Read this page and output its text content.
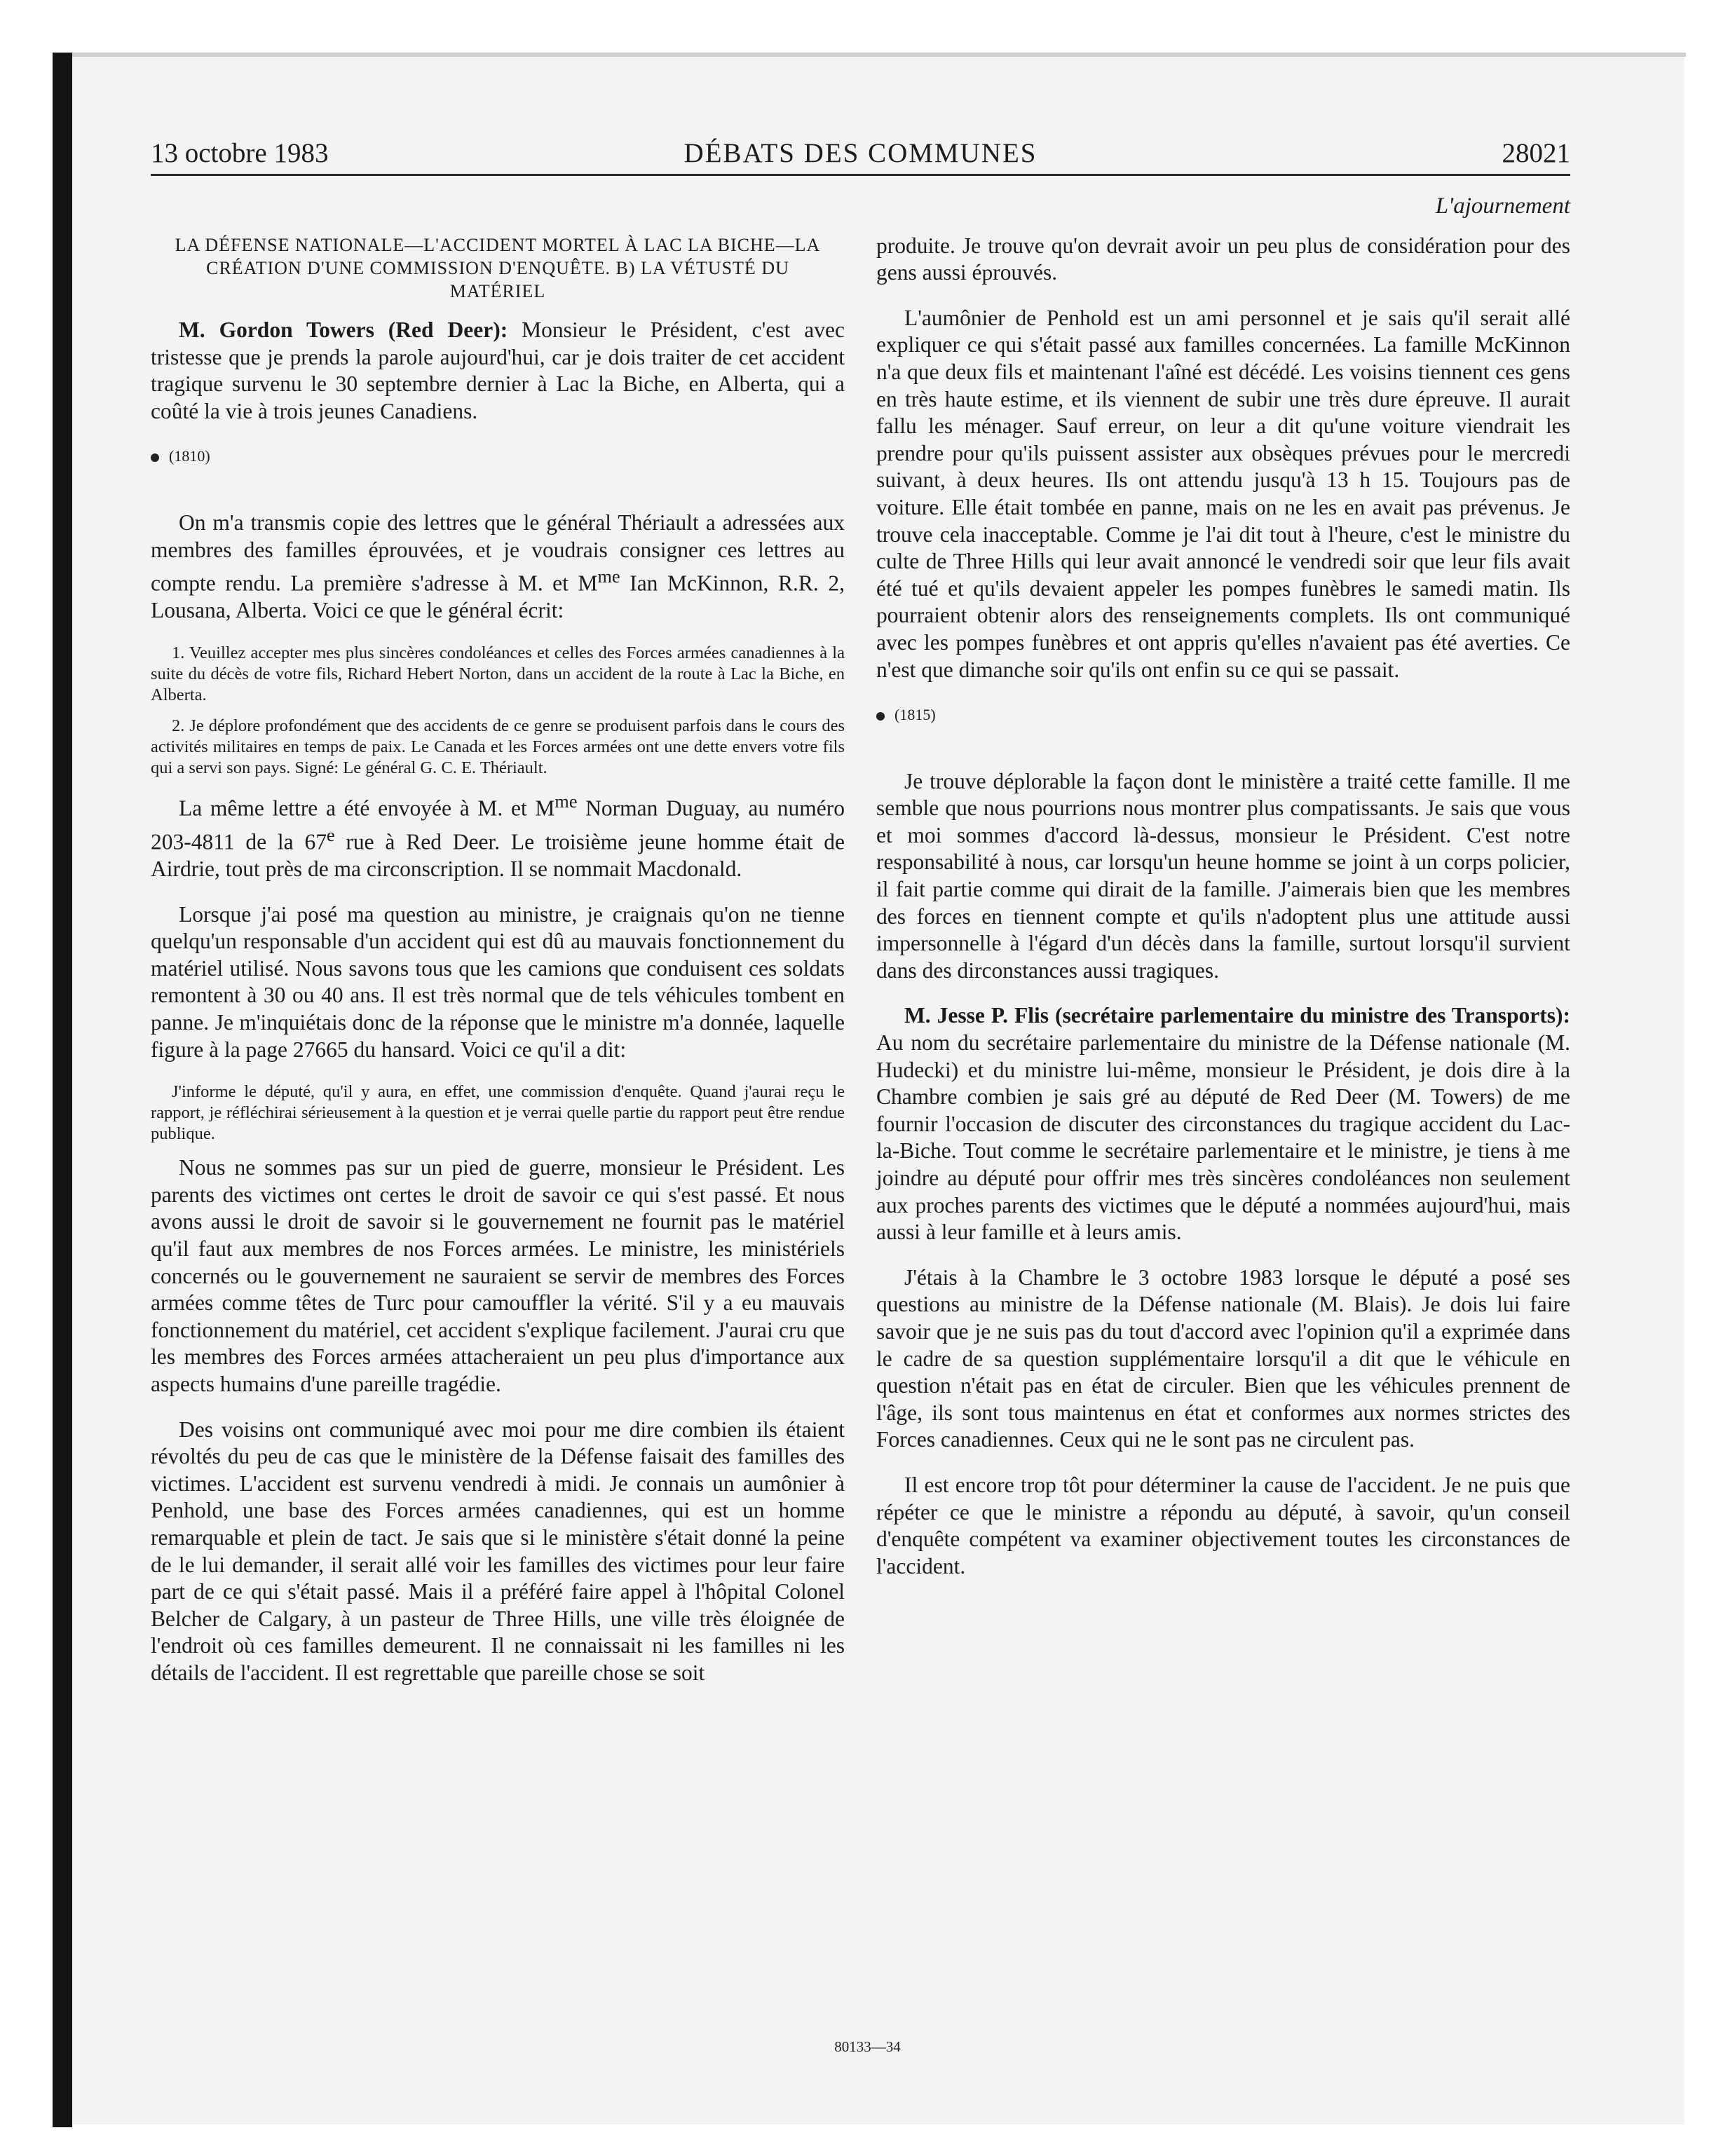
13 octobre 1983	DÉBATS DES COMMUNES	28021
LA DÉFENSE NATIONALE—L'ACCIDENT MORTEL À LAC LA BICHE—LA CRÉATION D'UNE COMMISSION D'ENQUÊTE. B) LA VÉTUSTÉ DU MATÉRIEL

M. Gordon Towers (Red Deer): Monsieur le Président, c'est avec tristesse que je prends la parole aujourd'hui, car je dois traiter de cet accident tragique survenu le 30 septembre dernier à Lac la Biche, en Alberta, qui a coûté la vie à trois jeunes Canadiens.

(1810)

On m'a transmis copie des lettres que le général Thériault a adressées aux membres des familles éprouvées, et je voudrais consigner ces lettres au compte rendu. La première s'adresse à M. et $M^{me}$ Ian McKinnon, R.R. 2, Lousana, Alberta. Voici ce que le général écrit:

1. Veuillez accepter mes plus sincères condoléances et celles des Forces armées canadiennes à la suite du décès de votre fils, Richard Hebert Norton, dans un accident de la route à Lac la Biche, en Alberta.

2. Je déplore profondément que des accidents de ce genre se produisent parfois dans le cours des activités militaires en temps de paix. Le Canada et les Forces armées ont une dette envers votre fils qui a servi son pays. Signé: Le général G. C. E. Thériault.

La même lettre a été envoyée à M. et $M^{me}$ Norman Duguay, au numéro 203-4811 de la 67e rue à Red Deer. Le troisième jeune homme était de Airdrie, tout près de ma circonscription. Il se nommait Macdonald.

Lorsque j'ai posé ma question au ministre, je craignais qu'on ne tienne quelqu'un responsable d'un accident qui est dû au mauvais fonctionnement du matériel utilisé. Nous savons tous que les camions que conduisent ces soldats remontent à 30 ou 40 ans. Il est très normal que de tels véhicules tombent en panne. Je m'inquiétais donc de la réponse que le ministre m'a donnée, laquelle figure à la page 27665 du hansard. Voici ce qu'il a dit:

J'informe le député, qu'il y aura, en effet, une commission d'enquête. Quand j'aurai reçu le rapport, je réfléchirai sérieusement à la question et je verrai quelle partie du rapport peut être rendue publique.

Nous ne sommes pas sur un pied de guerre, monsieur le Président. Les parents des victimes ont certes le droit de savoir ce qui s'est passé. Et nous avons aussi le droit de savoir si le gouvernement ne fournit pas le matériel qu'il faut aux membres de nos Forces armées. Le ministre, les ministériels concernés ou le gouvernement ne sauraient se servir de membres des Forces armées comme têtes de Turc pour camouffler la vérité. S'il y a eu mauvais fonctionnement du matériel, cet accident s'explique facilement. J'aurai cru que les membres des Forces armées attacheraient un peu plus d'importance aux aspects humains d'une pareille tragédie.

Des voisins ont communiqué avec moi pour me dire combien ils étaient révoltés du peu de cas que le ministère de la Défense faisait des familles des victimes. L'accident est survenu vendredi à midi. Je connais un aumônier à Penhold, une base des Forces armées canadiennes, qui est un homme remarquable et plein de tact. Je sais que si le ministère s'était donné la peine de le lui demander, il serait allé voir les familles des victimes pour leur faire part de ce qui s'était passé. Mais il a préféré faire appel à l'hôpital Colonel Belcher de Calgary, à un pasteur de Three Hills, une ville très éloignée de l'endroit où ces familles demeurent. Il ne connaissait ni les familles ni les détails de l'accident. Il est regrettable que pareille chose se soit

L'ajournement

produite. Je trouve qu'on devrait avoir un peu plus de considération pour des gens aussi éprouvés.

L'aumônier de Penhold est un ami personnel et je sais qu'il serait allé expliquer ce qui s'était passé aux familles concernées. La famille McKinnon n'a que deux fils et maintenant l'aîné est décédé. Les voisins tiennent ces gens en très haute estime, et ils viennent de subir une très dure épreuve. Il aurait fallu les ménager. Sauf erreur, on leur a dit qu'une voiture viendrait les prendre pour qu'ils puissent assister aux obsèques prévues pour le mercredi suivant, à deux heures. Ils ont attendu jusqu'à 13 h 15. Toujours pas de voiture. Elle était tombée en panne, mais on ne les en avait pas prévenus. Je trouve cela inacceptable. Comme je l'ai dit tout à l'heure, c'est le ministre du culte de Three Hills qui leur avait annoncé le vendredi soir que leur fils avait été tué et qu'ils devaient appeler les pompes funèbres le samedi matin. Ils pourraient obtenir alors des renseignements complets. Ils ont communiqué avec les pompes funèbres et ont appris qu'elles n'avaient pas été averties. Ce n'est que dimanche soir qu'ils ont enfin su ce qui se passait.

(1815)

Je trouve déplorable la façon dont le ministère a traité cette famille. Il me semble que nous pourrions nous montrer plus compatissants. Je sais que vous et moi sommes d'accord là-dessus, monsieur le Président. C'est notre responsabilité à nous, car lorsqu'un heune homme se joint à un corps policier, il fait partie comme qui dirait de la famille. J'aimerais bien que les membres des forces en tiennent compte et qu'ils n'adoptent plus une attitude aussi impersonnelle à l'égard d'un décès dans la famille, surtout lorsqu'il survient dans des dirconstances aussi tragiques.

M. Jesse P. Flis (secrétaire parlementaire du ministre des Transports): Au nom du secrétaire parlementaire du ministre de la Défense nationale (M. Hudecki) et du ministre lui-même, monsieur le Président, je dois dire à la Chambre combien je sais gré au député de Red Deer (M. Towers) de me fournir l'occasion de discuter des circonstances du tragique accident du Lac-la-Biche. Tout comme le secrétaire parlementaire et le ministre, je tiens à me joindre au député pour offrir mes très sincères condoléances non seulement aux proches parents des victimes que le député a nommées aujourd'hui, mais aussi à leur famille et à leurs amis.

J'étais à la Chambre le 3 octobre 1983 lorsque le député a posé ses questions au ministre de la Défense nationale (M. Blais). Je dois lui faire savoir que je ne suis pas du tout d'accord avec l'opinion qu'il a exprimée dans le cadre de sa question supplémentaire lorsqu'il a dit que le véhicule en question n'était pas en état de circuler. Bien que les véhicules prennent de l'âge, ils sont tous maintenus en état et conformes aux normes strictes des Forces canadiennes. Ceux qui ne le sont pas ne circulent pas.

Il est encore trop tôt pour déterminer la cause de l'accident. Je ne puis que répéter ce que le ministre a répondu au député, à savoir, qu'un conseil d'enquête compétent va examiner objectivement toutes les circonstances de l'accident.

80133—34
